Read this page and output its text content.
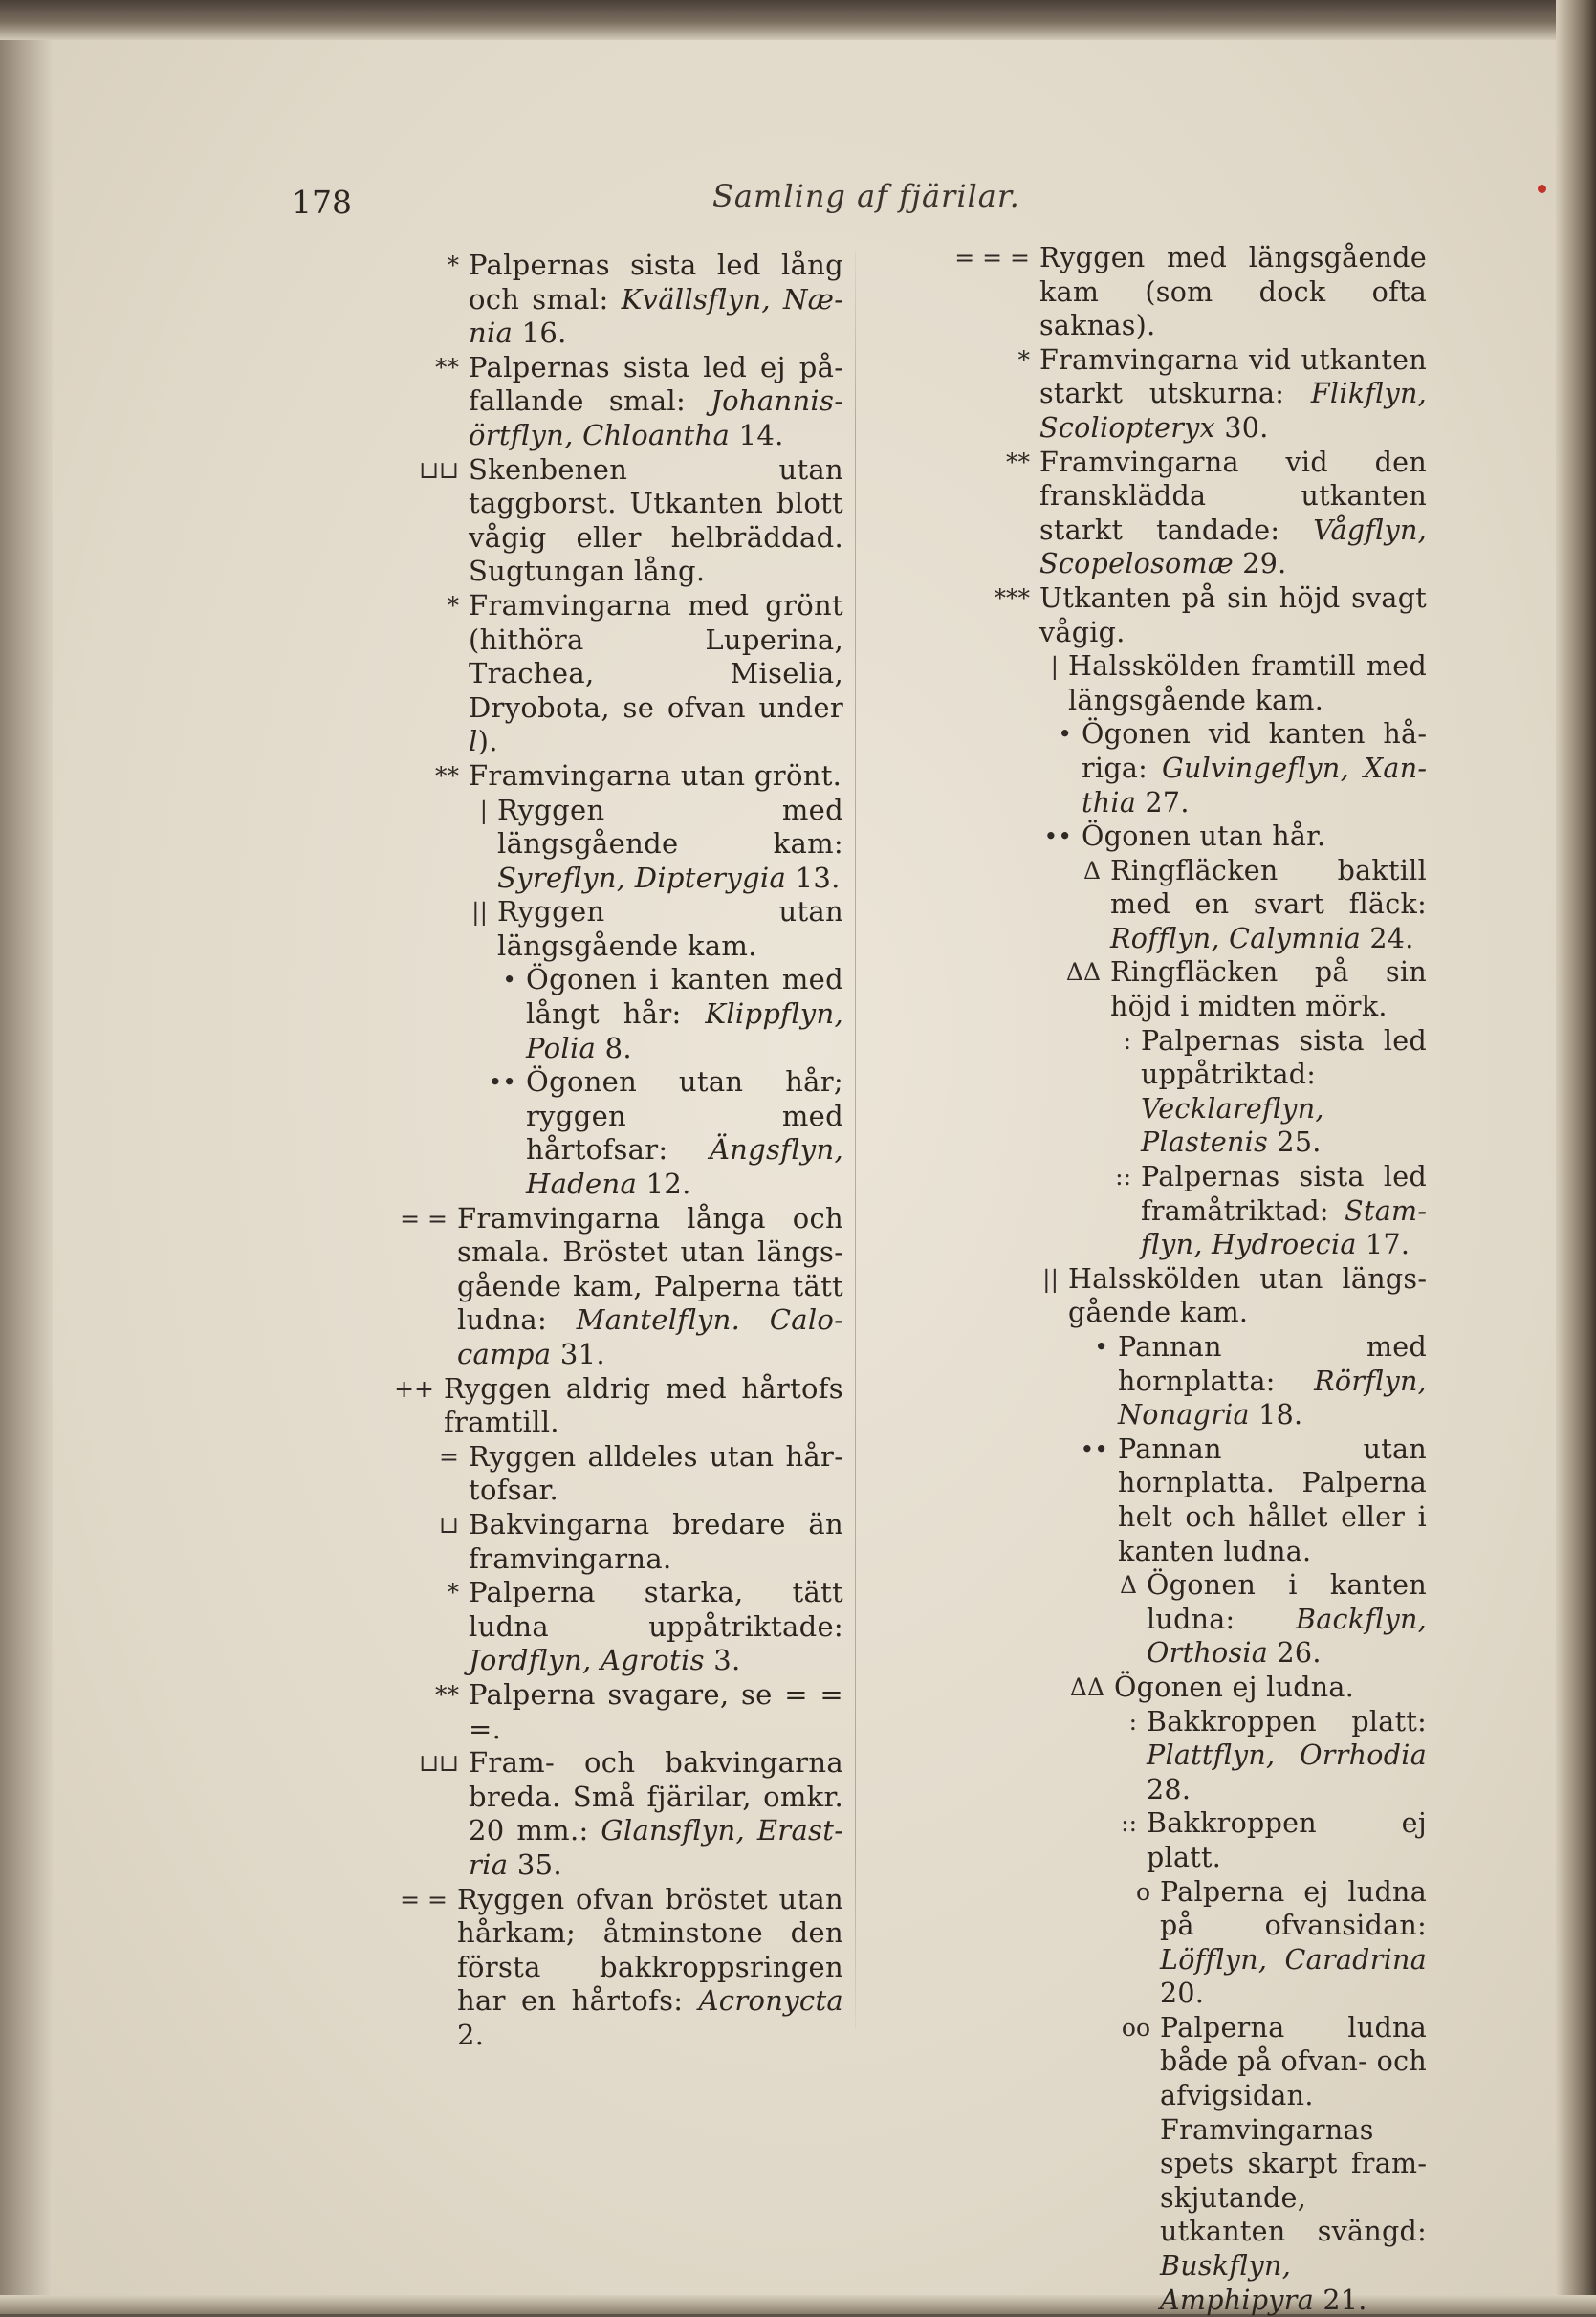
178	Samling af fjärilar.
* Palpernas sista led lång och smal: Kvällsflyn, Nænia 16.
** Palpernas sista led ej påfallande smal: Johannisörtflyn, Chloantha 14.
⊔⊔ Skenbenen utan taggborst. Utkanten blott vågig eller helbräddad. Sugtungan lång.
* Framvingarna med grönt (hithöra Luperina, Trachea, Miselia, Dryobota, se ofvan under l).
** Framvingarna utan grönt.
| Ryggen med längsgående kam: Syreflyn, Dipterygia 13.
|| Ryggen utan längsgående kam.
• Ögonen i kanten med långt hår: Klippflyn, Polia 8.
•• Ögonen utan hår; ryggen med hårtofsar: Ängsflyn, Hadena 12.
= = Framvingarna långa och smala. Bröstet utan längsgående kam, Palperna tätt ludna: Mantelflyn. Calocampa 31.
++ Ryggen aldrig med hårtofs framtill.
= Ryggen alldeles utan hårtofsar.
⊔ Bakvingarna bredare än framvingarna.
* Palperna starka, tätt ludna uppåtriktade: Jordflyn, Agrotis 3.
** Palperna svagare, se = = =.
⊔⊔ Fram- och bakvingarna breda. Små fjärilar, omkr. 20 mm.: Glansflyn, Erastria 35.
= = Ryggen ofvan bröstet utan hårkam; åtminstone den första bakkroppsringen har en hårtofs: Acronycta 2.
= = = Ryggen med längsgående kam (som dock ofta saknas).
* Framvingarna vid utkanten starkt utskurna: Flikflyn, Scoliopteryx 30.
** Framvingarna vid den fransklädda utkanten starkt tandade: Vågflyn, Scopelosomæ 29.
*** Utkanten på sin höjd svagt vågig.
| Halsskölden framtill med längsgående kam.
• Ögonen vid kanten håriga: Gulvingeflyn, Xanthia 27.
•• Ögonen utan hår.
Δ Ringfläcken baktill med en svart fläck: Rofflyn, Calymnia 24.
ΔΔ Ringfläcken på sin höjd i midten mörk.
: Palpernas sista led uppåtriktad: Vecklareflyn, Plastenis 25.
:: Palpernas sista led framåtriktad: Stamflyn, Hydroecia 17.
|| Halsskölden utan längsgående kam.
• Pannan med hornplatta: Rörflyn, Nonagria 18.
•• Pannan utan hornplatta. Palperna helt och hållet eller i kanten ludna.
Δ Ögonen i kanten ludna: Backflyn, Orthosia 26.
ΔΔ Ögonen ej ludna.
: Bakkroppen platt: Plattflyn, Orrhodia 28.
:: Bakkroppen ej platt.
o Palperna ej ludna på ofvansidan: Löfflyn, Caradrina 20.
oo Palperna ludna både på ofvan- och afvigsidan. Framvingarnas spets skarpt framskjutande, utkanten svängd: Buskflyn, Amphipyra 21.
